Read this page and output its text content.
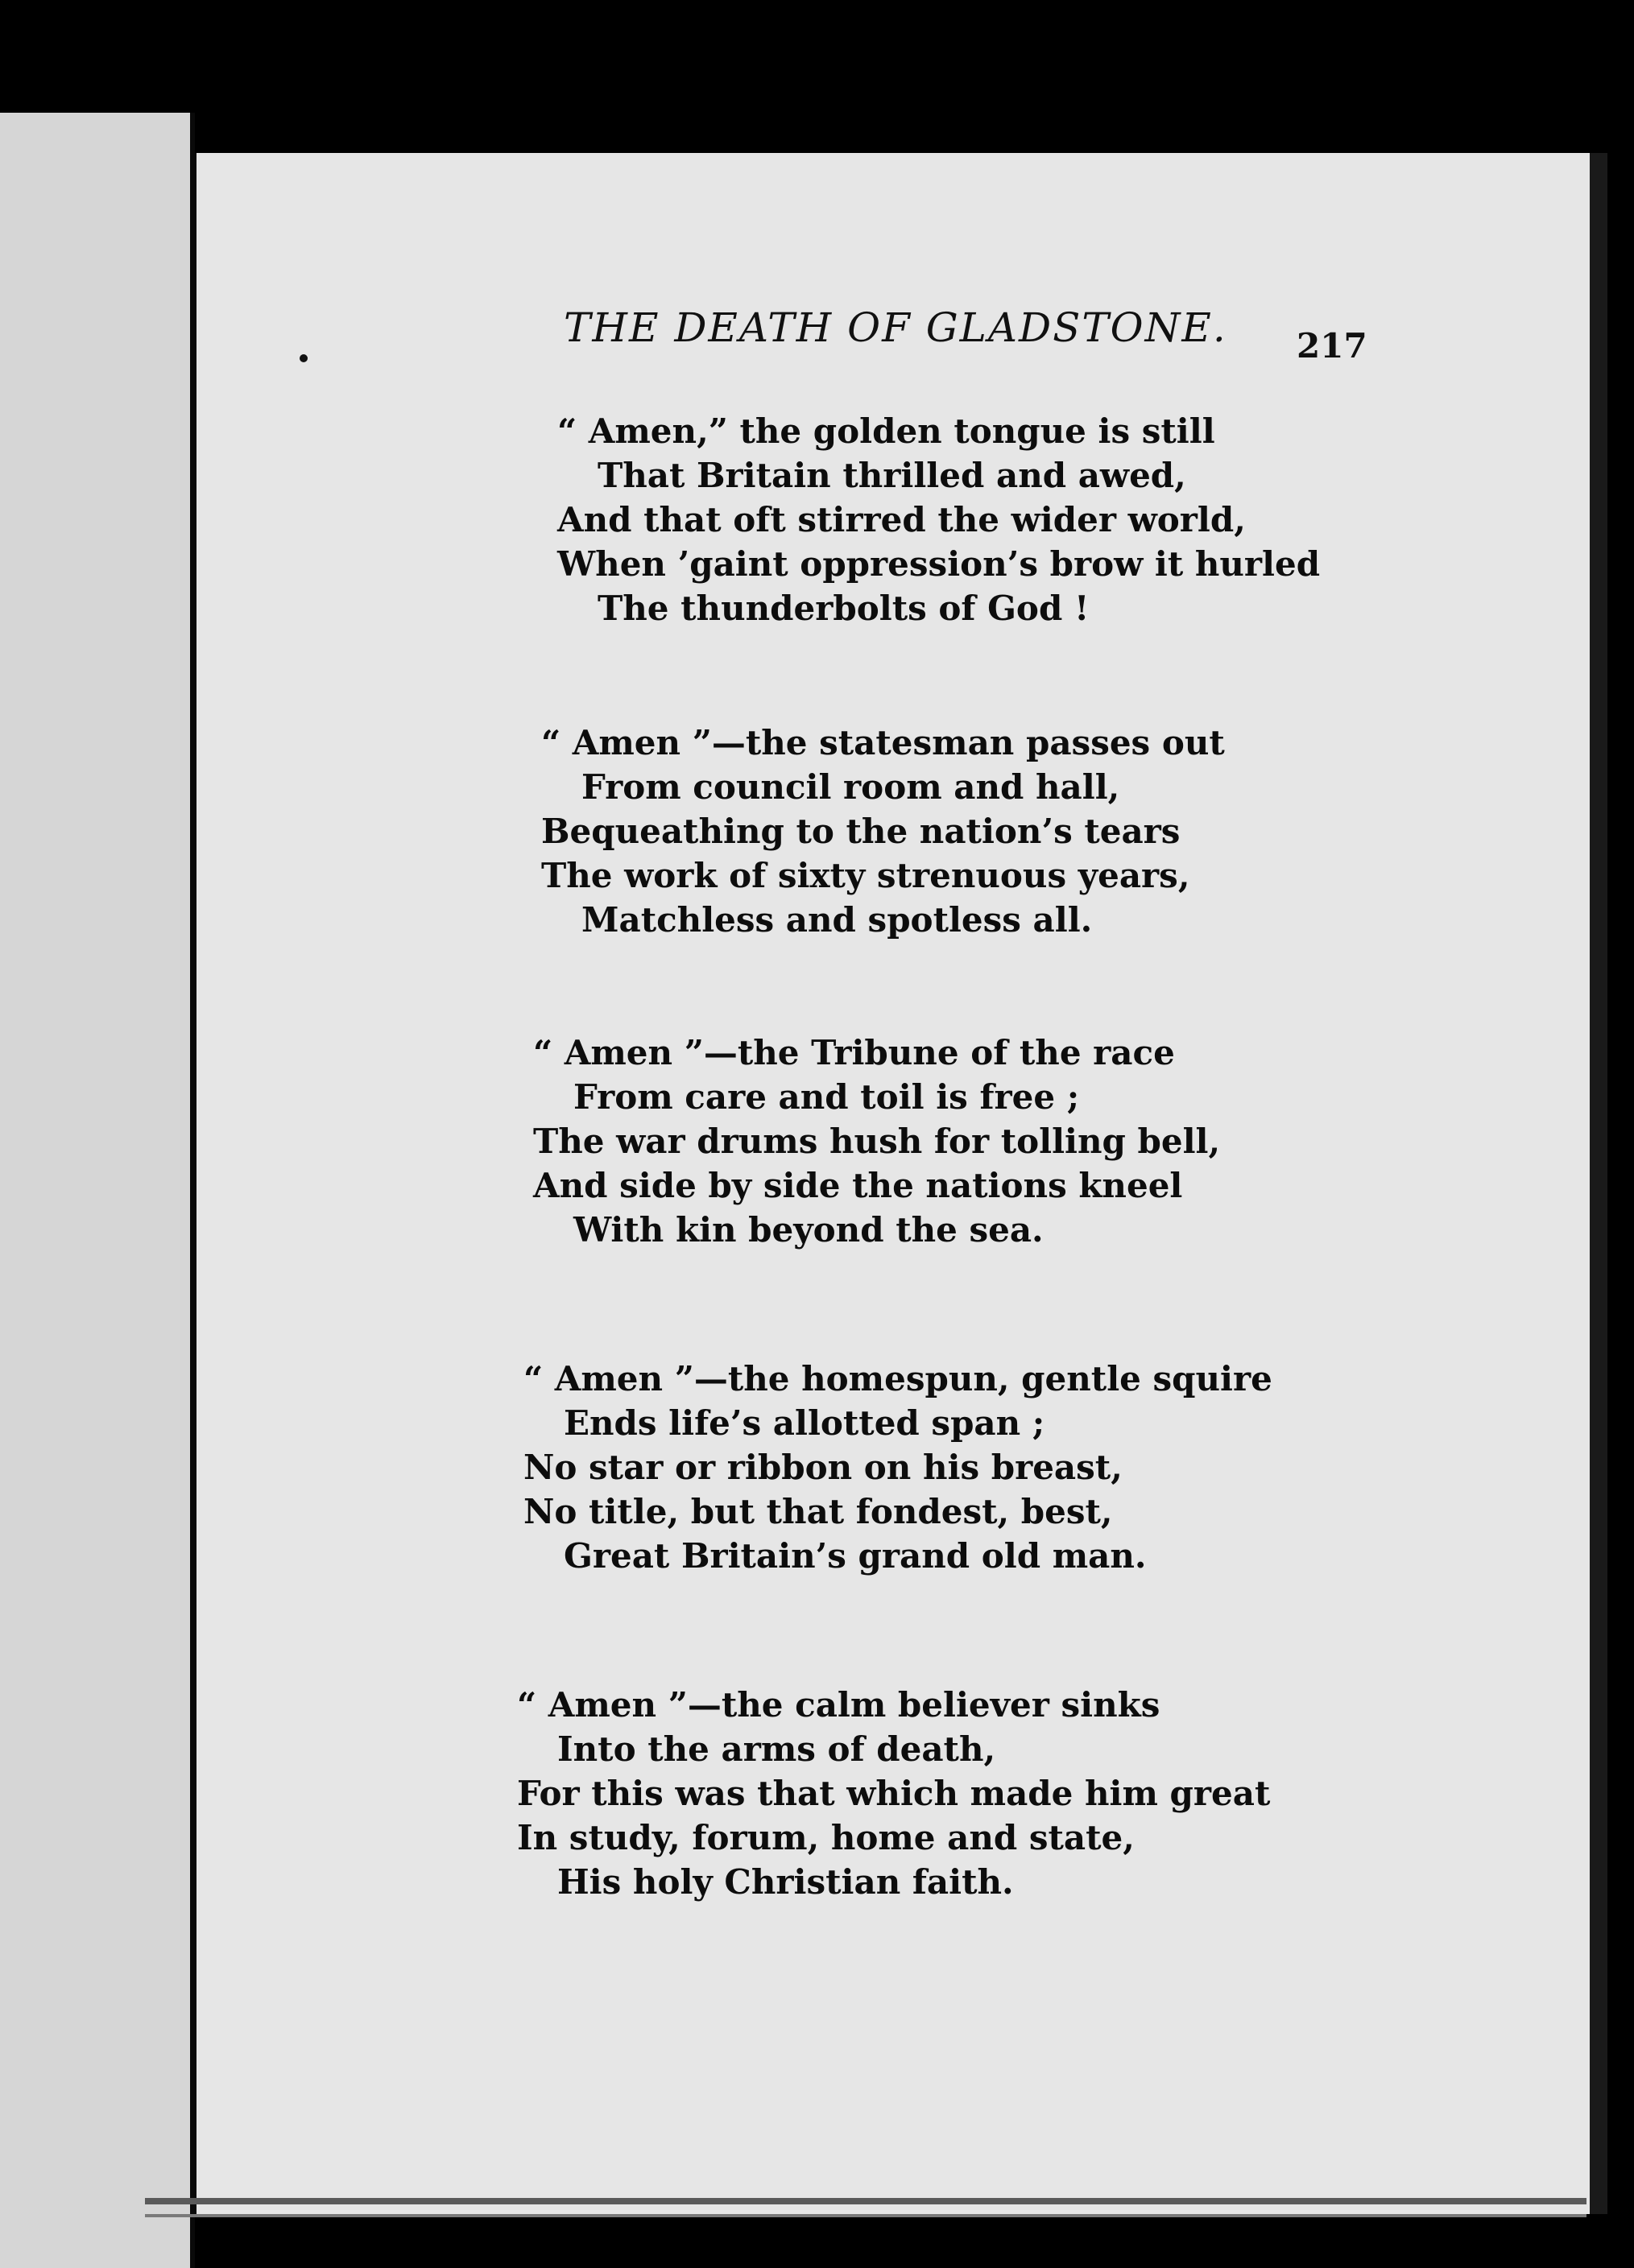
THE DEATH OF GLADSTONE. 217
“ Amen,” the golden tongue is still
That Britain thrilled and awed,
And that oft stirred the wider world,
When ’gaint oppression’s brow it hurled
The thunderbolts of God !
“ Amen ”—the statesman passes out
From council room and hall,
Bequeathing to the nation’s tears
The work of sixty strenuous years,
Matchless and spotless all.
“ Amen ”—the Tribune of the race
From care and toil is free ;
The war drums hush for tolling bell,
And side by side the nations kneel
With kin beyond the sea.
“ Amen ”—the homespun, gentle squire
Ends life’s allotted span ;
No star or ribbon on his breast,
No title, but that fondest, best,
Great Britain’s grand old man.
“ Amen ”—the calm believer sinks
Into the arms of death,
For this was that which made him great
In study, forum, home and state,
His holy Christian faith.
